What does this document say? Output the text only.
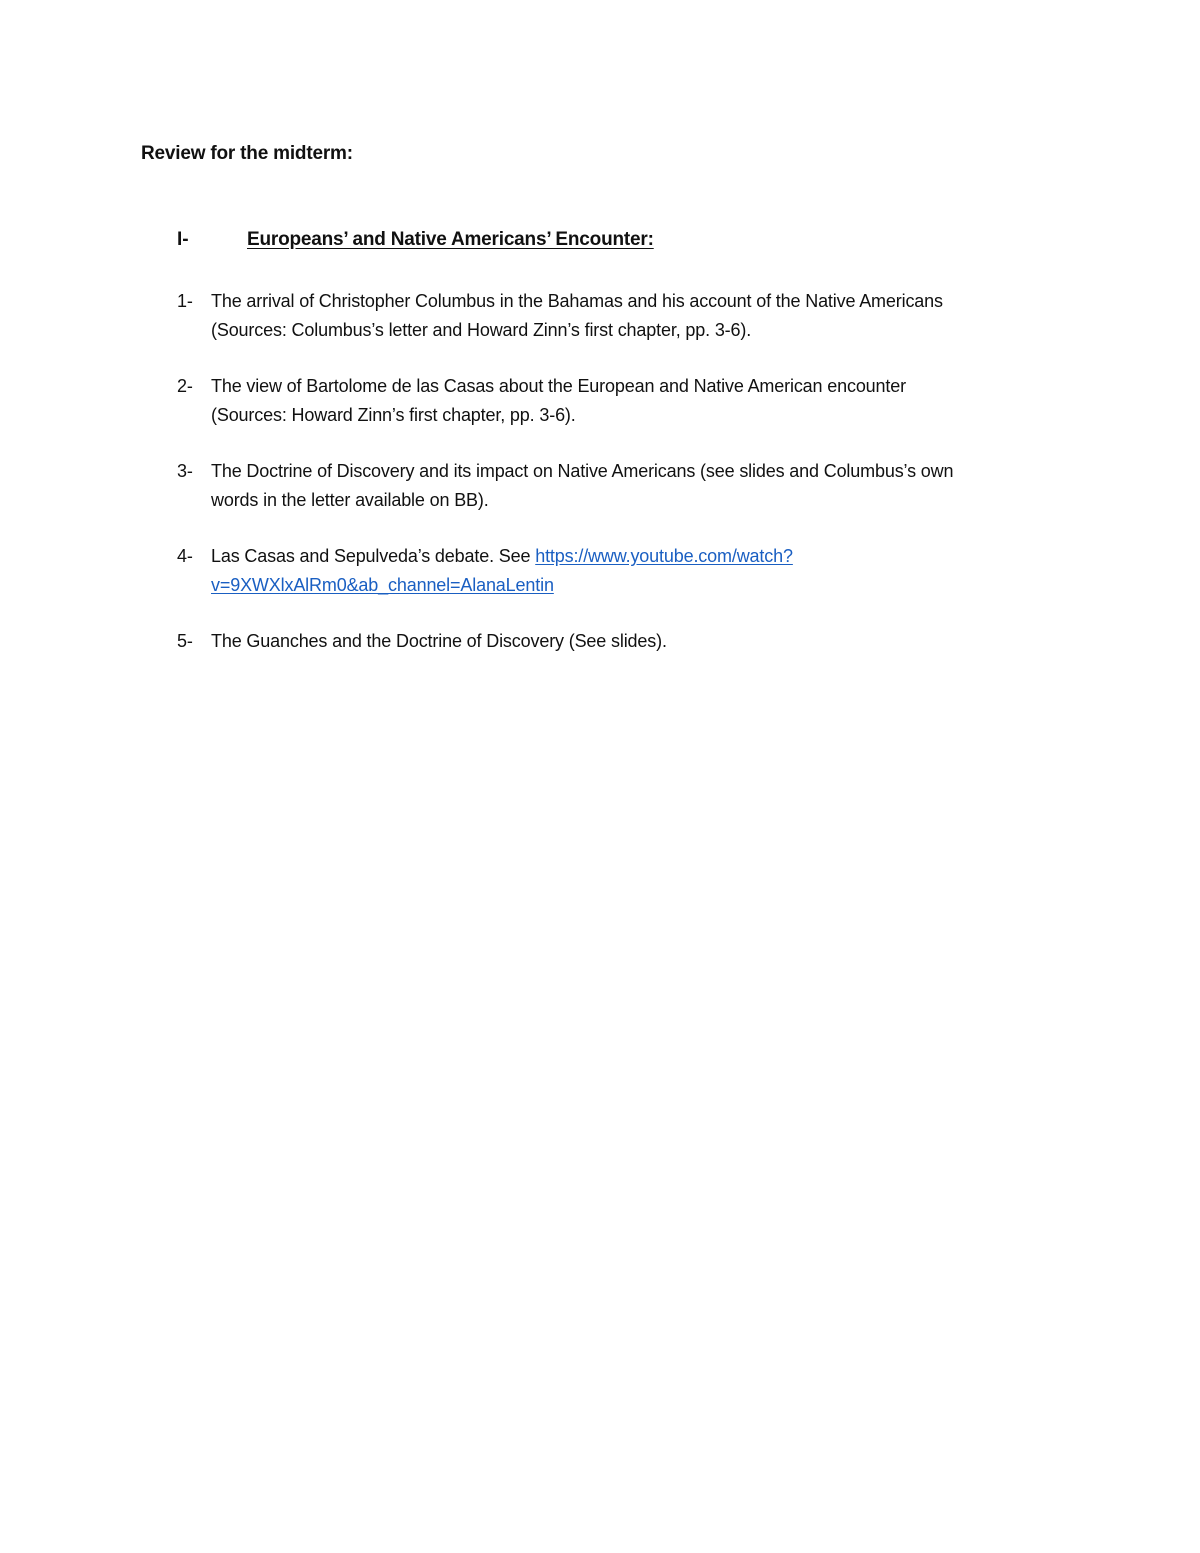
Review for the midterm:
I-	Europeans’ and Native Americans’ Encounter:
1- The arrival of Christopher Columbus in the Bahamas and his account of the Native Americans
(Sources: Columbus’s letter and Howard Zinn’s first chapter, pp. 3-6).
2- The view of Bartolome de las Casas about the European and Native American encounter
(Sources: Howard Zinn’s first chapter, pp. 3-6).
3- The Doctrine of Discovery and its impact on Native Americans (see slides and Columbus’s own
words in the letter available on BB).
4- Las Casas and Sepulveda’s debate. See https://www.youtube.com/watch?
v=9XWXlxAlRm0&ab_channel=AlanaLentin
5- The Guanches and the Doctrine of Discovery (See slides).
